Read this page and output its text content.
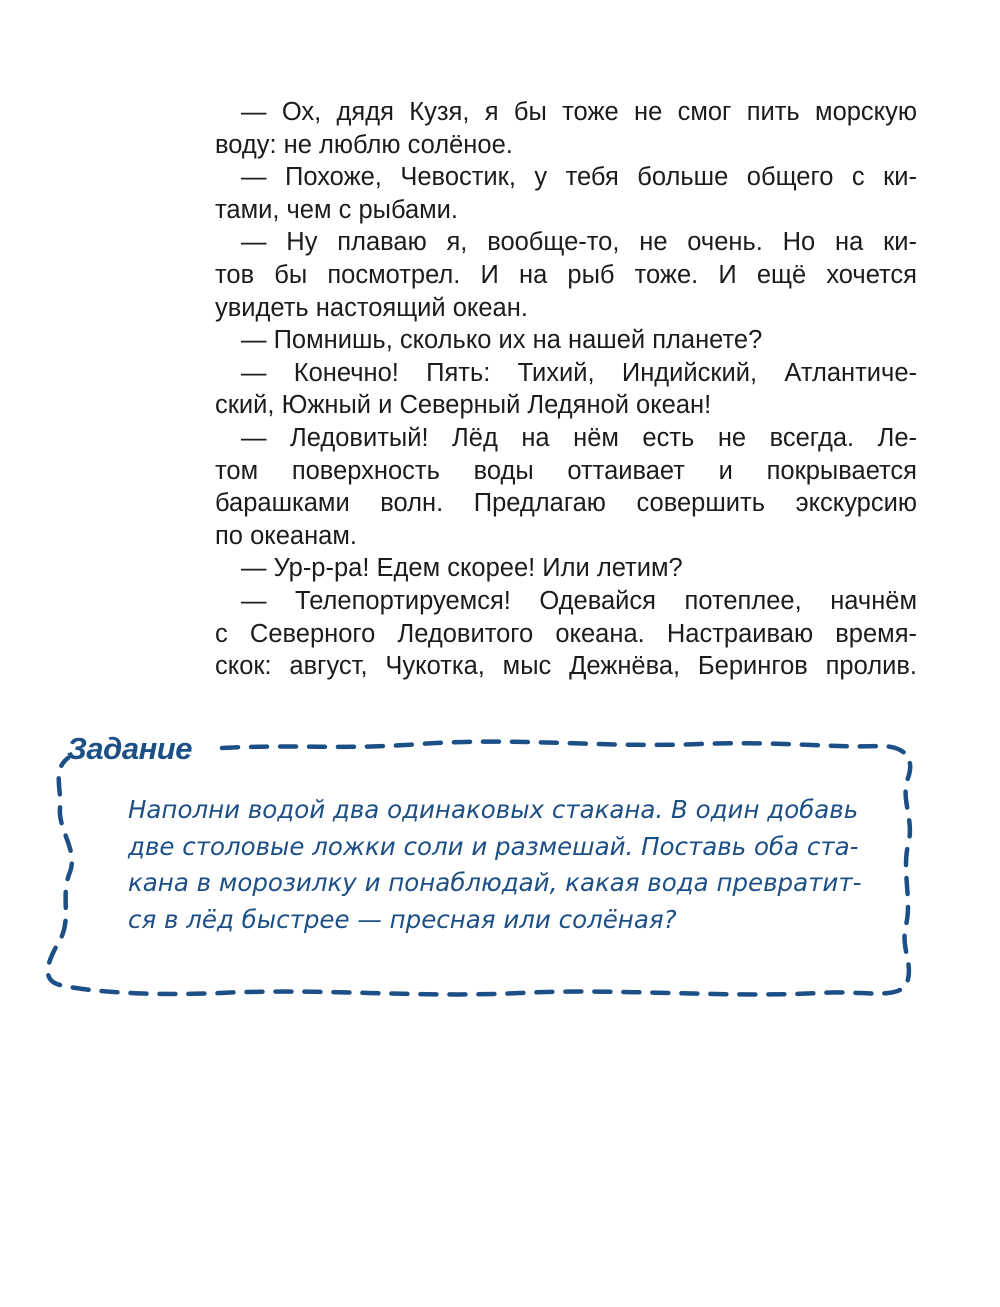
— Ох, дядя Кузя, я бы тоже не смог пить морскую
воду: не люблю солёное.
— Похоже, Чевостик, у тебя больше общего с ки-
тами, чем с рыбами.
— Ну плаваю я, вообще-то, не очень. Но на ки-
тов бы посмотрел. И на рыб тоже. И ещё хочется
увидеть настоящий океан.
— Помнишь, сколько их на нашей планете?
— Конечно! Пять: Тихий, Индийский, Атлантиче-
ский, Южный и Северный Ледяной океан!
— Ледовитый! Лёд на нём есть не всегда. Ле-
том поверхность воды оттаивает и покрывается
барашками волн. Предлагаю совершить экскурсию
по океанам.
— Ур-р-ра! Едем скорее! Или летим?
— Телепортируемся! Одевайся потеплее, начнём
с Северного Ледовитого океана. Настраиваю время-
скок: август, Чукотка, мыс Дежнёва, Берингов пролив.
Задание
Наполни водой два одинаковых стакана. В один добавь
две столовые ложки соли и размешай. Поставь оба ста-
кана в морозилку и понаблюдай, какая вода превратит-
ся в лёд быстрее — пресная или солёная?
